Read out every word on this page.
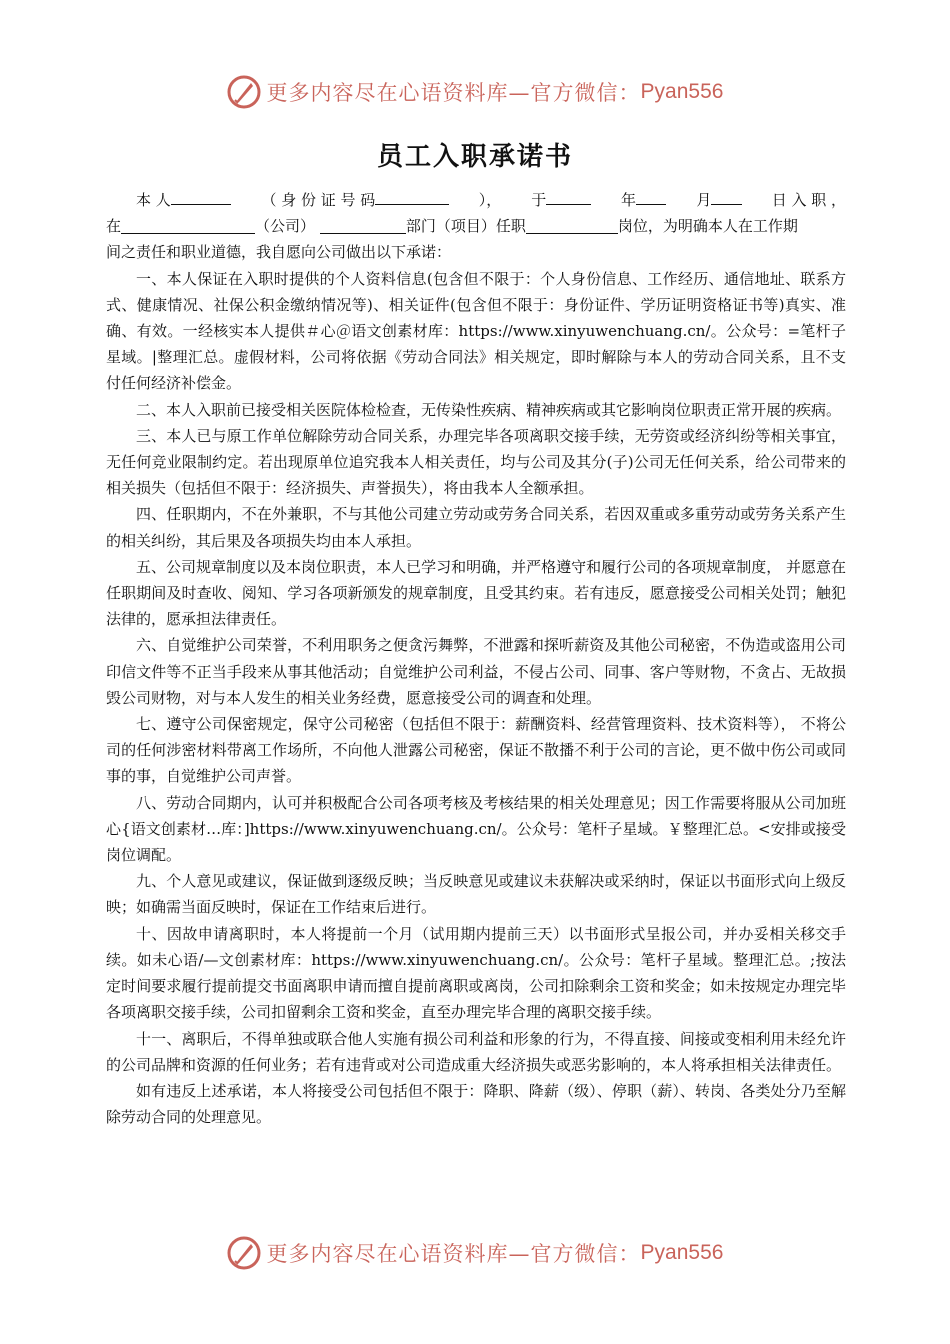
更多内容尽在心语资料库—官方微信： Pyan556
员工入职承诺书

本 人	（ 身 份 证 号 码	），	于	年	月	日 入 职 ，

在	（公司）	部门（项目）任职	岗位，为明确本人在工作期

间之责任和职业道德，我自愿向公司做出以下承诺：

一、本人保证在入职时提供的个人资料信息(包含但不限于：个人身份信息、工作经历、通信地址、联系方式、健康情况、社保公积金缴纳情况等)、相关证件(包含但不限于：身份证件、学历证明资格证书等)真实、准确、有效。一经核实本人提供＃心＠语文创素材库：https://www.xinyuwenchuang.cn/。公众号：=笔杆子星域。|整理汇总。虚假材料，公司将依据《劳动合同法》相关规定，即时解除与本人的劳动合同关系，且不支付任何经济补偿金。

二、本人入职前已接受相关医院体检检查，无传染性疾病、精神疾病或其它影响岗位职责正常开展的疾病。

三、本人已与原工作单位解除劳动合同关系，办理完毕各项离职交接手续，无劳资或经济纠纷等相关事宜，无任何竞业限制约定。若出现原单位追究我本人相关责任，均与公司及其分(子)公司无任何关系，给公司带来的相关损失（包括但不限于：经济损失、声誉损失），将由我本人全额承担。

四、任职期内，不在外兼职，不与其他公司建立劳动或劳务合同关系，若因双重或多重劳动或劳务关系产生的相关纠纷，其后果及各项损失均由本人承担。

五、公司规章制度以及本岗位职责，本人已学习和明确，并严格遵守和履行公司的各项规章制度， 并愿意在任职期间及时查收、阅知、学习各项新颁发的规章制度，且受其约束。若有违反，愿意接受公司相关处罚；触犯法律的，愿承担法律责任。

六、自觉维护公司荣誉，不利用职务之便贪污舞弊，不泄露和探听薪资及其他公司秘密，不伪造或盗用公司印信文件等不正当手段来从事其他活动；自觉维护公司利益，不侵占公司、同事、客户等财物，不贪占、无故损毁公司财物，对与本人发生的相关业务经费，愿意接受公司的调查和处理。

七、遵守公司保密规定，保守公司秘密（包括但不限于：薪酬资料、经营管理资料、技术资料等）， 不将公司的任何涉密材料带离工作场所，不向他人泄露公司秘密，保证不散播不利于公司的言论，更不做中伤公司或同事的事，自觉维护公司声誉。

八、劳动合同期内，认可并积极配合公司各项考核及考核结果的相关处理意见；因工作需要将服从公司加班心{语文创素材…库：]https://www.xinyuwenchuang.cn/。公众号：笔杆子星域。￥整理汇总。<安排或接受岗位调配。

九、个人意见或建议，保证做到逐级反映；当反映意见或建议未获解决或采纳时，保证以书面形式向上级反映；如确需当面反映时，保证在工作结束后进行。

十、因故申请离职时，本人将提前一个月（试用期内提前三天）以书面形式呈报公司，并办妥相关移交手续。如未心语/—文创素材库：https://www.xinyuwenchuang.cn/。公众号：笔杆子星域。整理汇总。;按法定时间要求履行提前提交书面离职申请而擅自提前离职或离岗，公司扣除剩余工资和奖金；如未按规定办理完毕各项离职交接手续，公司扣留剩余工资和奖金，直至办理完毕合理的离职交接手续。

十一、离职后，不得单独或联合他人实施有损公司利益和形象的行为，不得直接、间接或变相利用未经允许的公司品牌和资源的任何业务；若有违背或对公司造成重大经济损失或恶劣影响的，本人将承担相关法律责任。

如有违反上述承诺，本人将接受公司包括但不限于：降职、降薪（级）、停职（薪）、转岗、各类处分乃至解除劳动合同的处理意见。

更多内容尽在心语资料库—官方微信： Pyan556
